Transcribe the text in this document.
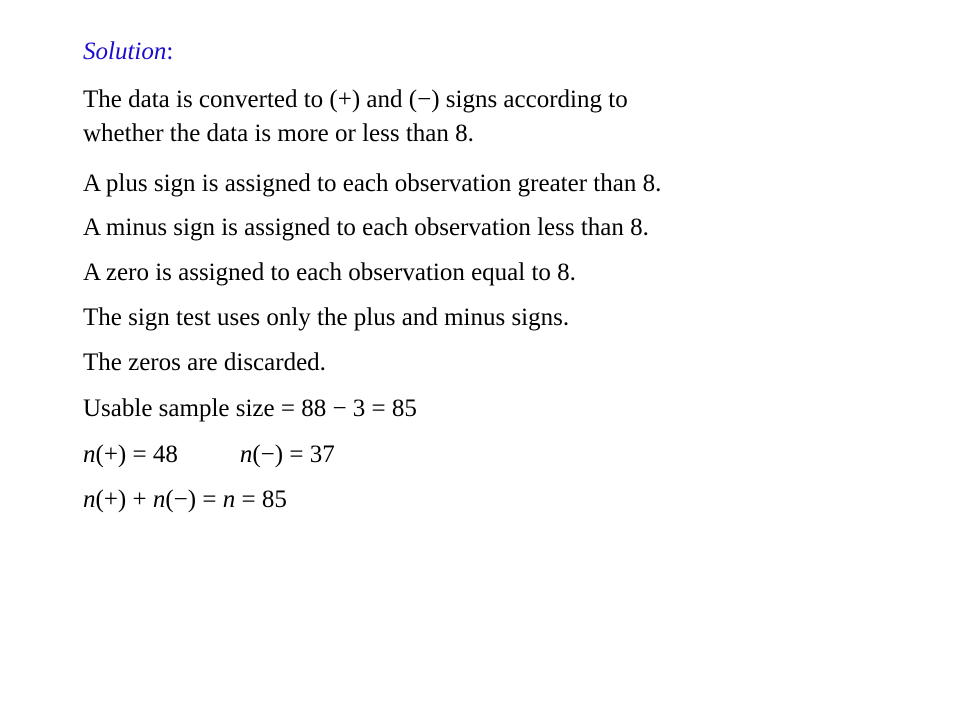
Solution:
The data is converted to (+) and (−) signs according to
whether the data is more or less than 8.
A plus sign is assigned to each observation greater than 8.
A minus sign is assigned to each observation less than 8.
A zero is assigned to each observation equal to 8.
The sign test uses only the plus and minus signs.
The zeros are discarded.
Usable sample size = 88 − 3 = 85
n(+) = 48 n(−) = 37
n(+) + n(−) = n = 85
